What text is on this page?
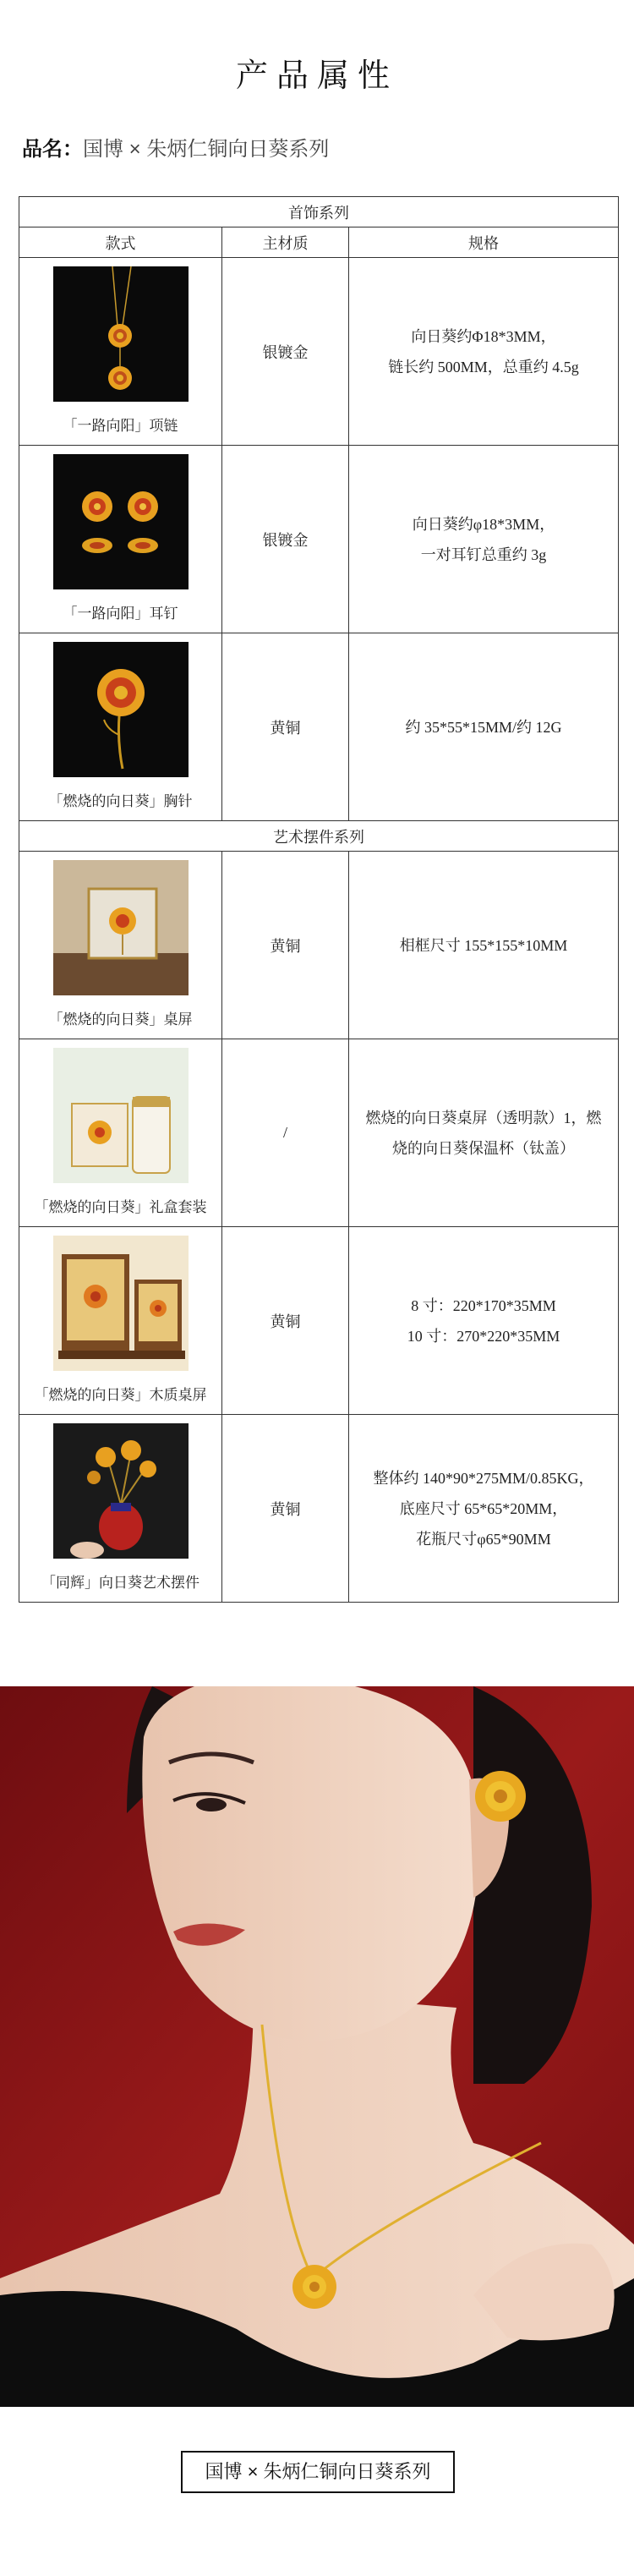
产品属性
品名：国博 × 朱炳仁铜向日葵系列
首饰系列		
款式	主材质	规格

「一路向阳」项链	银镀金	向日葵约Φ18*3MM，
链长约 500MM，总重约 4.5g

「一路向阳」耳钉	银镀金	向日葵约φ18*3MM，
一对耳钉总重约 3g

「燃烧的向日葵」胸针	黄铜	约 35*55*15MM/约 12G

艺术摆件系列		

「燃烧的向日葵」桌屏	黄铜	相框尺寸 155*155*10MM

「燃烧的向日葵」礼盒套装	/	燃烧的向日葵桌屏（透明款）1，燃
烧的向日葵保温杯（钛盖）

「燃烧的向日葵」木质桌屏	黄铜	8 寸：220*170*35MM
10 寸：270*220*35MM

「同辉」向日葵艺术摆件	黄铜	整体约 140*90*275MM/0.85KG，
底座尺寸 65*65*20MM，
花瓶尺寸φ65*90MM
国博 × 朱炳仁铜向日葵系列
